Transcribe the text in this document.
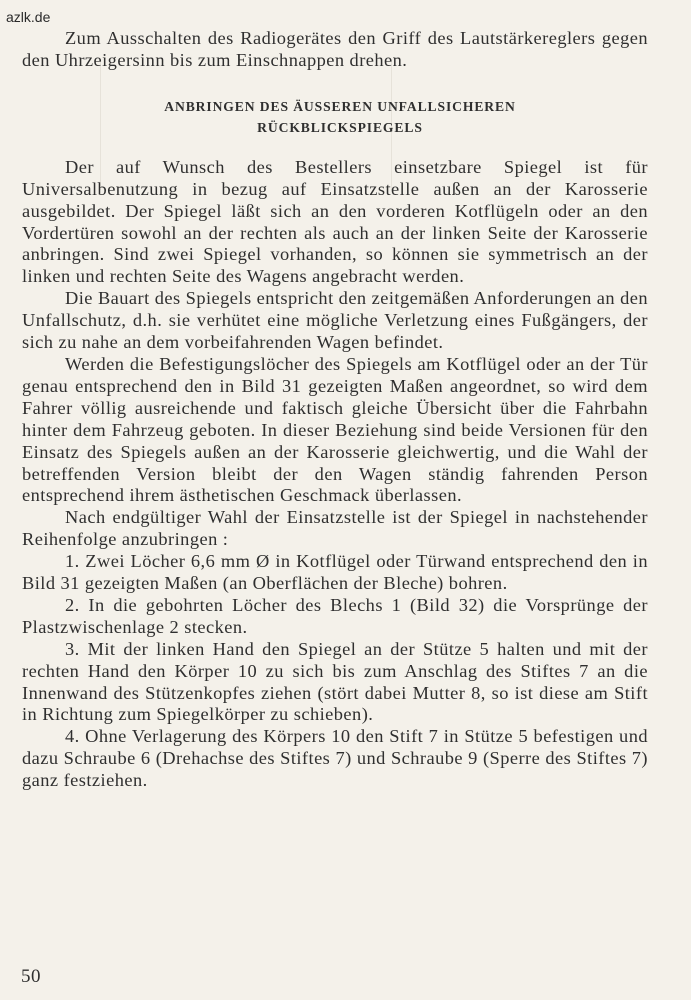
azlk.de

Zum Ausschalten des Radiogerätes den Griff des Lautstärkereglers gegen den Uhrzeigersinn bis zum Einschnappen drehen.

ANBRINGEN DES ÄUSSEREN UNFALLSICHEREN
RÜCKBLICKSPIEGELS

Der auf Wunsch des Bestellers einsetzbare Spiegel ist für Universalbenutzung in bezug auf Einsatzstelle außen an der Karosserie ausgebildet. Der Spiegel läßt sich an den vorderen Kotflügeln oder an den Vordertüren sowohl an der rechten als auch an der linken Seite der Karosserie anbringen. Sind zwei Spiegel vorhanden, so können sie symmetrisch an der linken und rechten Seite des Wagens angebracht werden.

Die Bauart des Spiegels entspricht den zeitgemäßen Anforderungen an den Unfallschutz, d.h. sie verhütet eine mögliche Verletzung eines Fußgängers, der sich zu nahe an dem vorbeifahrenden Wagen befindet.

Werden die Befestigungslöcher des Spiegels am Kotflügel oder an der Tür genau entsprechend den in Bild 31 gezeigten Maßen angeordnet, so wird dem Fahrer völlig ausreichende und faktisch gleiche Übersicht über die Fahrbahn hinter dem Fahrzeug geboten. In dieser Beziehung sind beide Versionen für den Einsatz des Spiegels außen an der Karosserie gleichwertig, und die Wahl der betreffenden Version bleibt der den Wagen ständig fahrenden Person entsprechend ihrem ästhetischen Geschmack überlassen.

Nach endgültiger Wahl der Einsatzstelle ist der Spiegel in nachstehender Reihenfolge anzubringen :

1. Zwei Löcher 6,6 mm Ø in Kotflügel oder Türwand entsprechend den in Bild 31 gezeigten Maßen (an Oberflächen der Bleche) bohren.

2. In die gebohrten Löcher des Blechs 1 (Bild 32) die Vorsprünge der Plastzwischenlage 2 stecken.

3. Mit der linken Hand den Spiegel an der Stütze 5 halten und mit der rechten Hand den Körper 10 zu sich bis zum Anschlag des Stiftes 7 an die Innenwand des Stützenkopfes ziehen (stört dabei Mutter 8, so ist diese am Stift in Richtung zum Spiegelkörper zu schieben).

4. Ohne Verlagerung des Körpers 10 den Stift 7 in Stütze 5 befestigen und dazu Schraube 6 (Drehachse des Stiftes 7) und Schraube 9 (Sperre des Stiftes 7) ganz festziehen.

50
